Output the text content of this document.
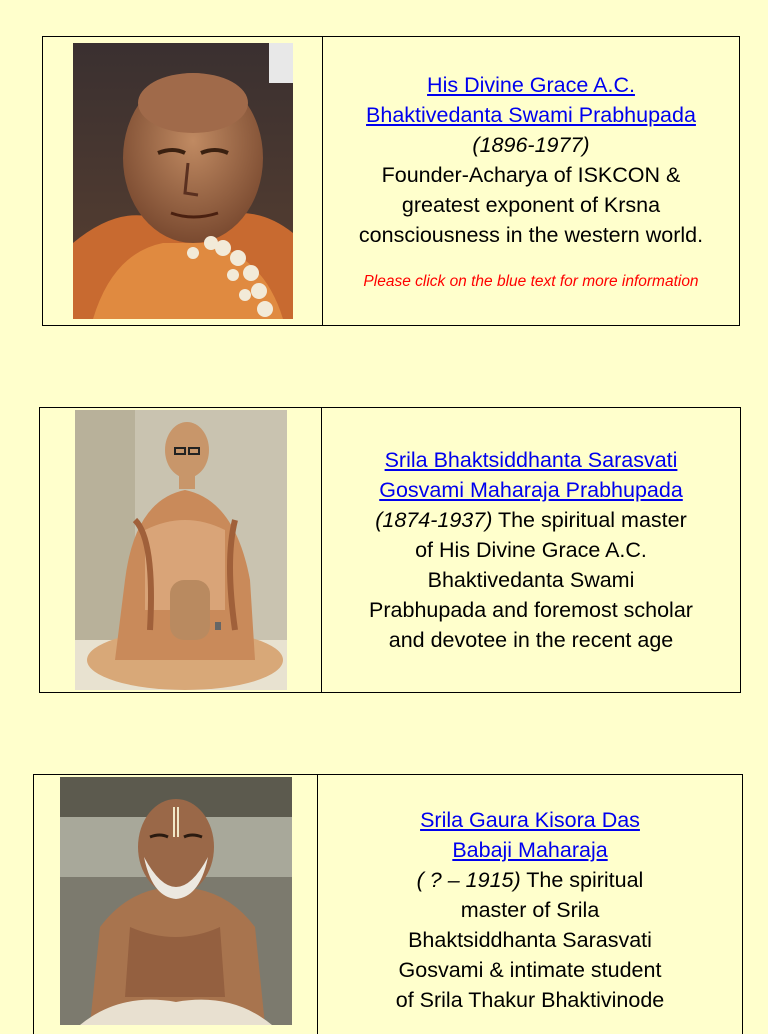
His Divine Grace A.C.
Bhaktivedanta Swami Prabhupada
(1896-1977)
Founder-Acharya of ISKCON &
greatest exponent of Krsna
consciousness in the western world.
Please click on the blue text for more information
Srila Bhaktsiddhanta Sarasvati
Gosvami Maharaja Prabhupada
(1874-1937) The spiritual master
of His Divine Grace A.C.
Bhaktivedanta Swami
Prabhupada and foremost scholar
and devotee in the recent age
Srila Gaura Kisora Das
Babaji Maharaja
( ? – 1915) The spiritual
master of Srila
Bhaktsiddhanta Sarasvati
Gosvami & intimate student
of Srila Thakur Bhaktivinode
